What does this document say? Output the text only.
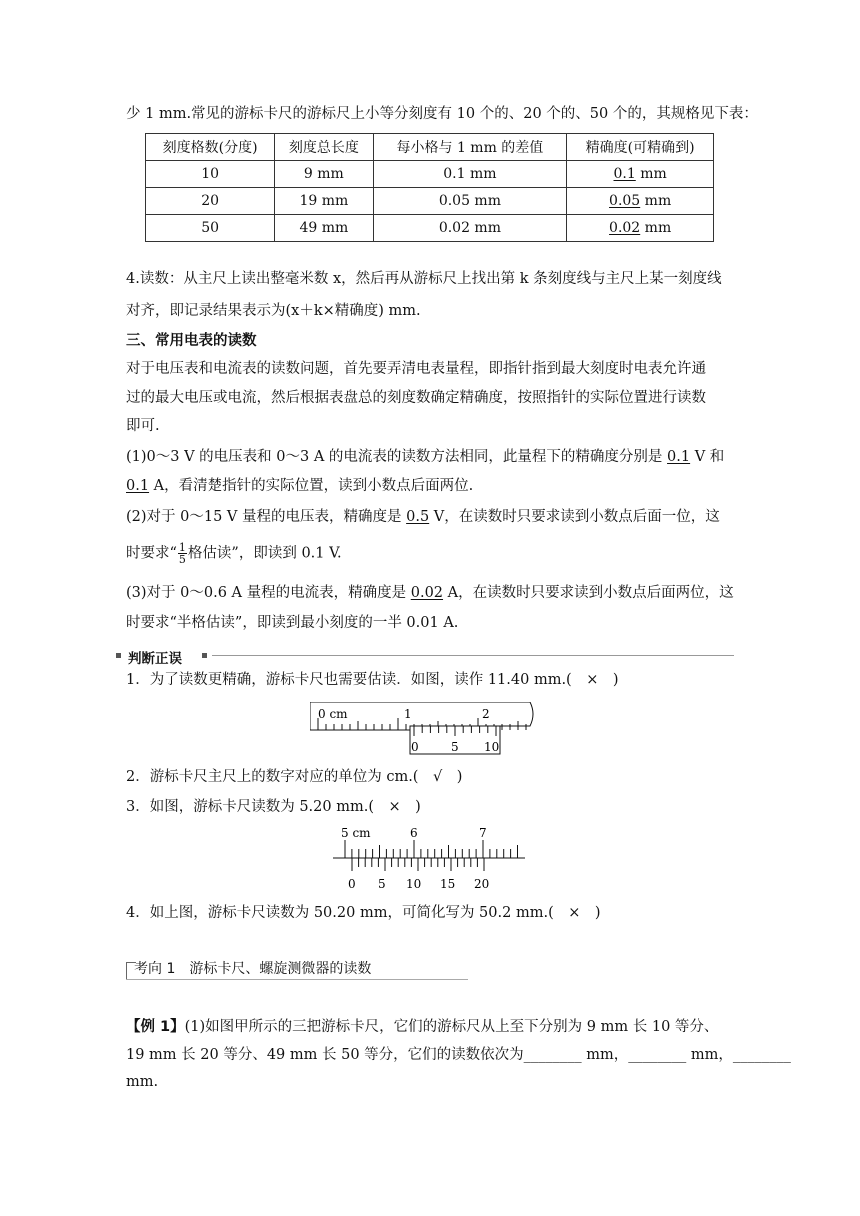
少 1 mm.常见的游标卡尺的游标尺上小等分刻度有 10 个的、20 个的、50 个的，其规格见下表：
刻度格数(分度)	刻度总长度	每小格与 1 mm 的差值	精确度(可精确到)
10	9 mm	0.1 mm	0.1 mm
20	19 mm	0.05 mm	0.05 mm
50	49 mm	0.02 mm	0.02 mm
4.读数：从主尺上读出整毫米数 x，然后再从游标尺上找出第 k 条刻度线与主尺上某一刻度线
对齐，即记录结果表示为(x＋k×精确度) mm.
三、常用电表的读数
对于电压表和电流表的读数问题，首先要弄清电表量程，即指针指到最大刻度时电表允许通
过的最大电压或电流，然后根据表盘总的刻度数确定精确度，按照指针的实际位置进行读数
即可.
(1)0～3 V 的电压表和 0～3 A 的电流表的读数方法相同，此量程下的精确度分别是 0.1 V 和
0.1 A，看清楚指针的实际位置，读到小数点后面两位.
(2)对于 0～15 V 量程的电压表，精确度是 0.5 V，在读数时只要求读到小数点后面一位，这
时要求“ $\frac{1}{5}$ 格估读”，即读到 0.1 V.
(3)对于 0～0.6 A 量程的电流表，精确度是 0.02 A，在读数时只要求读到小数点后面两位，这
时要求“半格估读”，即读到最小刻度的一半 0.01 A.
判断正误
1．为了读数更精确，游标卡尺也需要估读．如图，读作 11.40 mm.(　×　)
0 cm	1	2
0	5 10
2．游标卡尺主尺上的数字对应的单位为 cm.(　√　)
3．如图，游标卡尺读数为 5.20 mm.(　×　)
5 cm	6	7
0 5 10 15 20
4．如上图，游标卡尺读数为 50.20 mm，可简化写为 50.2 mm.(　×　)
考向 1　游标卡尺、螺旋测微器的读数
【例 1】(1)如图甲所示的三把游标卡尺，它们的游标尺从上至下分别为 9 mm 长 10 等分、
19 mm 长 20 等分、49 mm 长 50 等分，它们的读数依次为________ mm，________ mm，________
mm.
